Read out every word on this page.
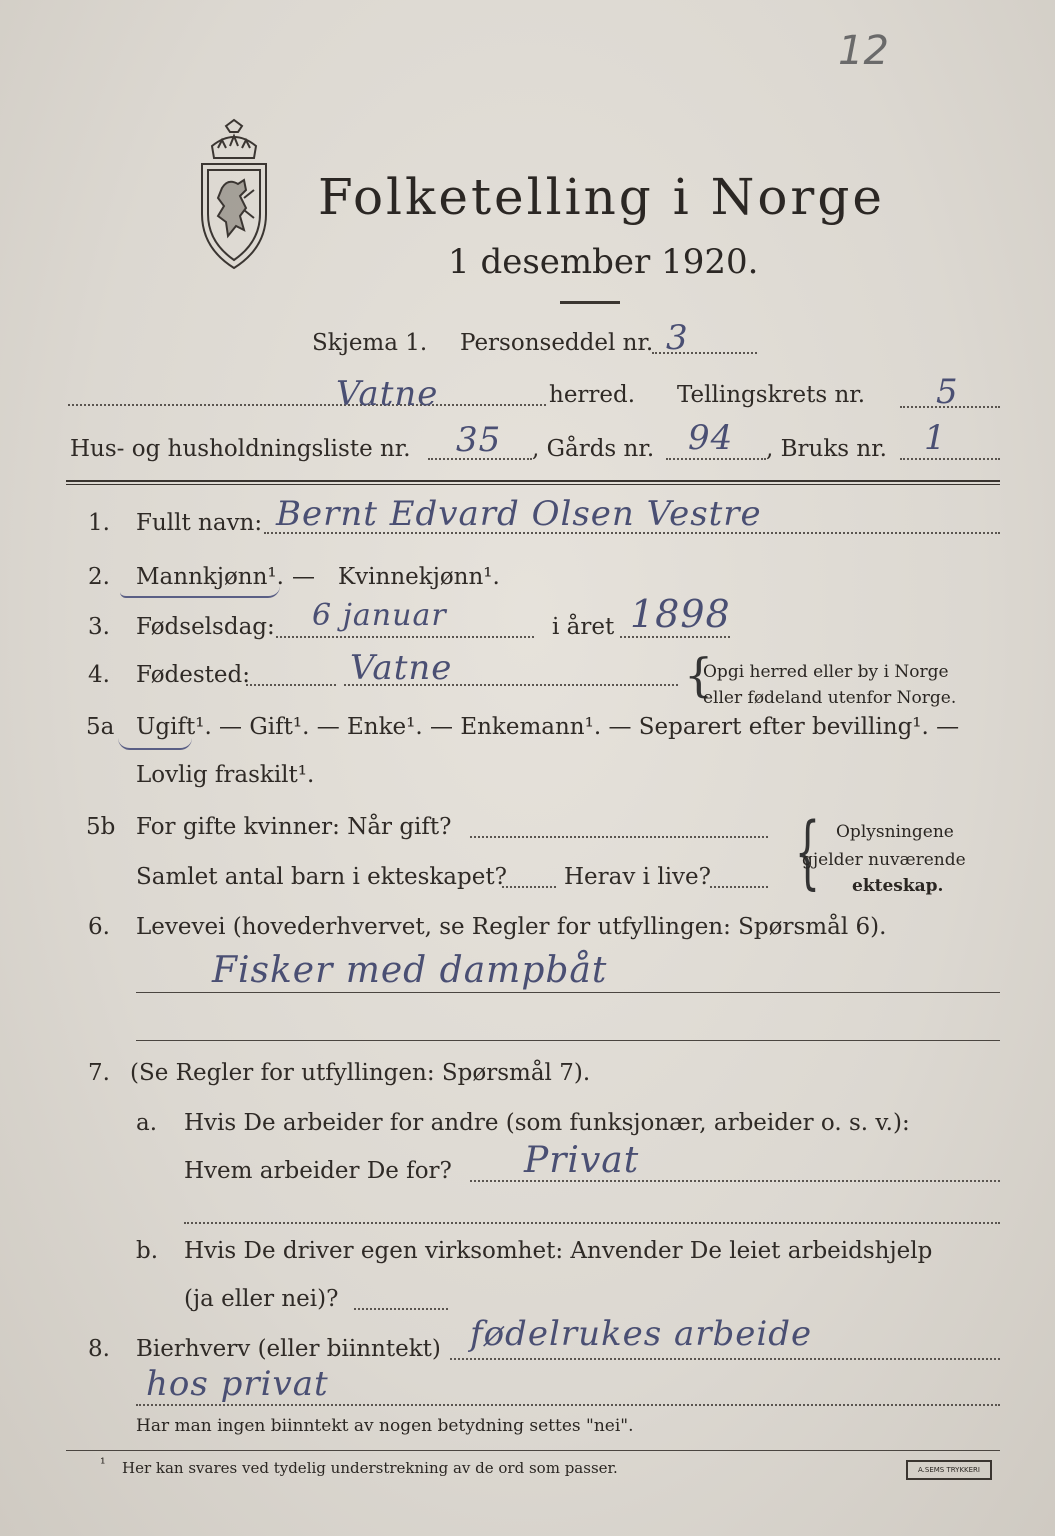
12
Folketelling i Norge
1 desember 1920.
Skjema 1. Personseddel nr. 3
Vatne	herred. Tellingskrets nr. 5
Hus- og husholdningsliste nr. 35 , Gårds nr. 94 , Bruks nr. 1
1. Fullt navn: Bernt Edvard Olsen Vestre
2. Mannkjønn¹. — Kvinnekjønn¹.
3. Fødselsdag: 6 januar	i året 1898
4. Fødested:	Vatne	{
Opgi herred eller by i Norge
eller fødeland utenfor Norge.
5a Ugift¹. — Gift¹. — Enke¹. — Enkemann¹. — Separert efter bevilling¹. —
Lovlig fraskilt¹.
5b For gifte kvinner: Når gift?
Samlet antal barn i ekteskapet? Herav i live? { Oplysningene
gjelder nuværende
ekteskap.
6. Levevei (hovederhvervet, se Regler for utfyllingen: Spørsmål 6).
Fisker med dampbåt
7. (Se Regler for utfyllingen: Spørsmål 7).
a. Hvis De arbeider for andre (som funksjonær, arbeider o. s. v.):
Hvem arbeider De for? Privat
b. Hvis De driver egen virksomhet: Anvender De leiet arbeidshjelp
(ja eller nei)?
8. Bierhverv (eller biinntekt) fødelrukes arbeide
hos privat
Har man ingen biinntekt av nogen betydning settes "nei".
¹ Her kan svares ved tydelig understrekning av de ord som passer.	A.SEMS TRYKKERI
